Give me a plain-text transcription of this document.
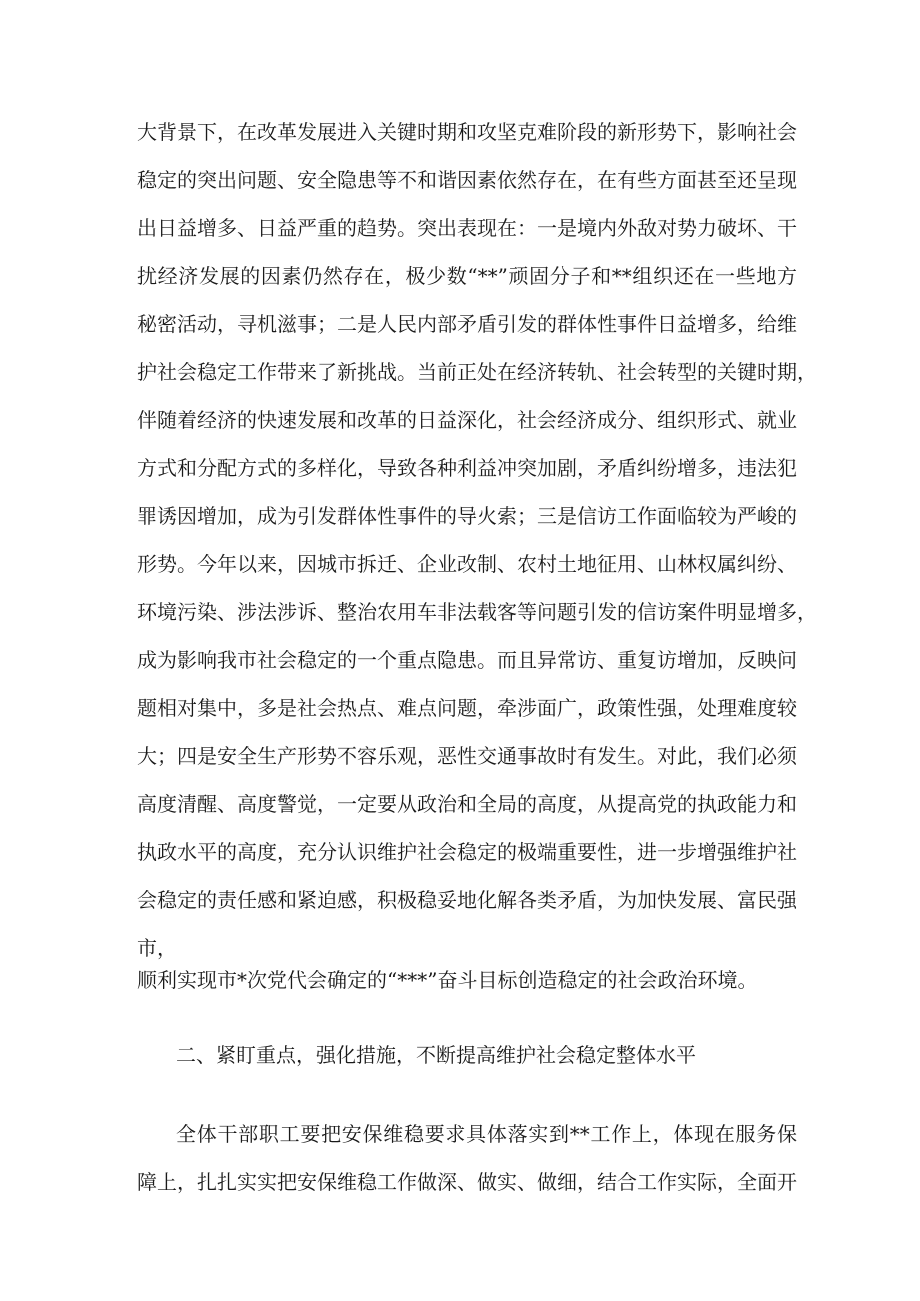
大背景下，在改革发展进入关键时期和攻坚克难阶段的新形势下，影响社会
稳定的突出问题、安全隐患等不和谐因素依然存在，在有些方面甚至还呈现
出日益增多、日益严重的趋势。突出表现在：一是境内外敌对势力破坏、干
扰经济发展的因素仍然存在，极少数“**”顽固分子和**组织还在一些地方
秘密活动，寻机滋事；二是人民内部矛盾引发的群体性事件日益增多，给维
护社会稳定工作带来了新挑战。当前正处在经济转轨、社会转型的关键时期，
伴随着经济的快速发展和改革的日益深化，社会经济成分、组织形式、就业
方式和分配方式的多样化，导致各种利益冲突加剧，矛盾纠纷增多，违法犯
罪诱因增加，成为引发群体性事件的导火索；三是信访工作面临较为严峻的
形势。今年以来，因城市拆迁、企业改制、农村土地征用、山林权属纠纷、
环境污染、涉法涉诉、整治农用车非法载客等问题引发的信访案件明显增多，
成为影响我市社会稳定的一个重点隐患。而且异常访、重复访增加，反映问
题相对集中，多是社会热点、难点问题，牵涉面广，政策性强，处理难度较
大；四是安全生产形势不容乐观，恶性交通事故时有发生。对此，我们必须
高度清醒、高度警觉，一定要从政治和全局的高度，从提高党的执政能力和
执政水平的高度，充分认识维护社会稳定的极端重要性，进一步增强维护社
会稳定的责任感和紧迫感，积极稳妥地化解各类矛盾，为加快发展、富民强
市，
顺利实现市*次党代会确定的“***”奋斗目标创造稳定的社会政治环境。
二、紧盯重点，强化措施，不断提高维护社会稳定整体水平
全体干部职工要把安保维稳要求具体落实到**工作上，体现在服务保
障上，扎扎实实把安保维稳工作做深、做实、做细，结合工作实际，全面开
